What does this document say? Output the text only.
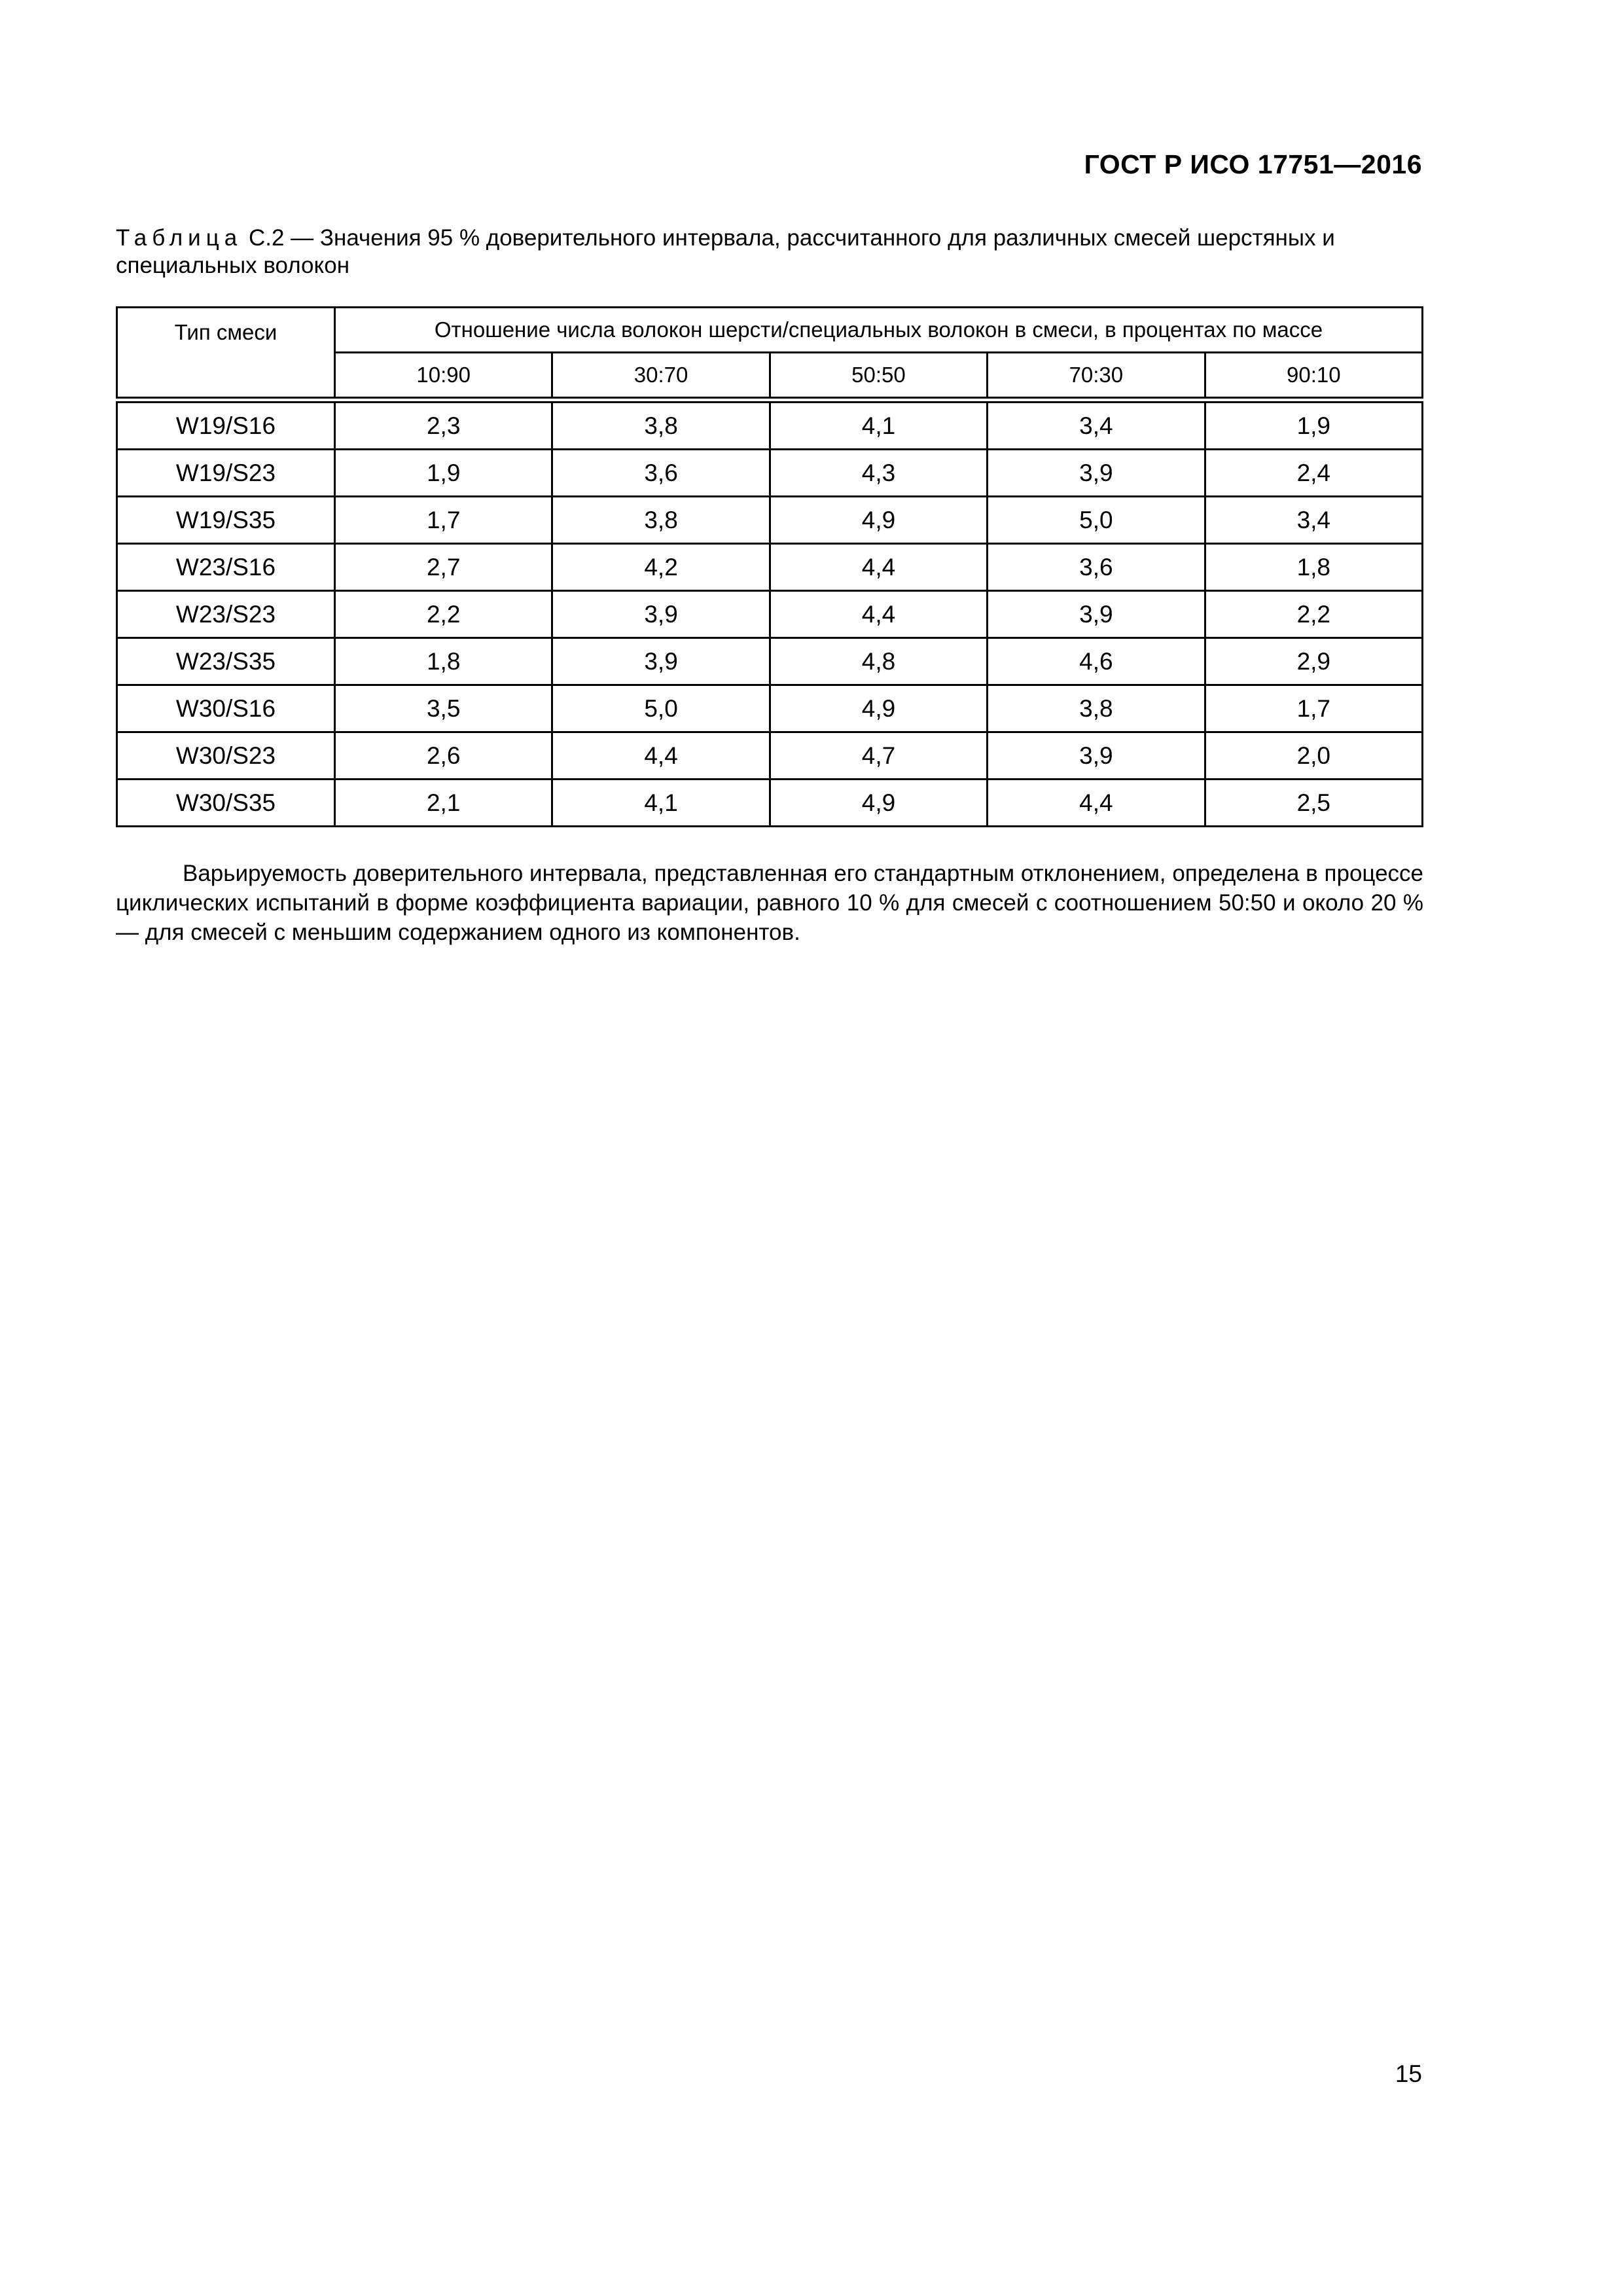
ГОСТ Р ИСО 17751—2016
Таблица С.2 — Значения 95 % доверительного интервала, рассчитанного для различных смесей шерстяных и специальных волокон
Тип смеси	Отношение числа волокон шерсти/специальных волокон в смеси, в процентах по массе				
	10:90	30:70	50:50	70:30	90:10

W19/S16	2,3	3,8	4,1	3,4	1,9
W19/S23	1,9	3,6	4,3	3,9	2,4
W19/S35	1,7	3,8	4,9	5,0	3,4
W23/S16	2,7	4,2	4,4	3,6	1,8
W23/S23	2,2	3,9	4,4	3,9	2,2
W23/S35	1,8	3,9	4,8	4,6	2,9
W30/S16	3,5	5,0	4,9	3,8	1,7
W30/S23	2,6	4,4	4,7	3,9	2,0
W30/S35	2,1	4,1	4,9	4,4	2,5
Варьируемость доверительного интервала, представленная его стандартным отклонением, определена в процессе циклических испытаний в форме коэффициента вариации, равного 10 % для смесей с соотношением 50:50 и около 20 % — для смесей с меньшим содержанием одного из компонентов.
15
